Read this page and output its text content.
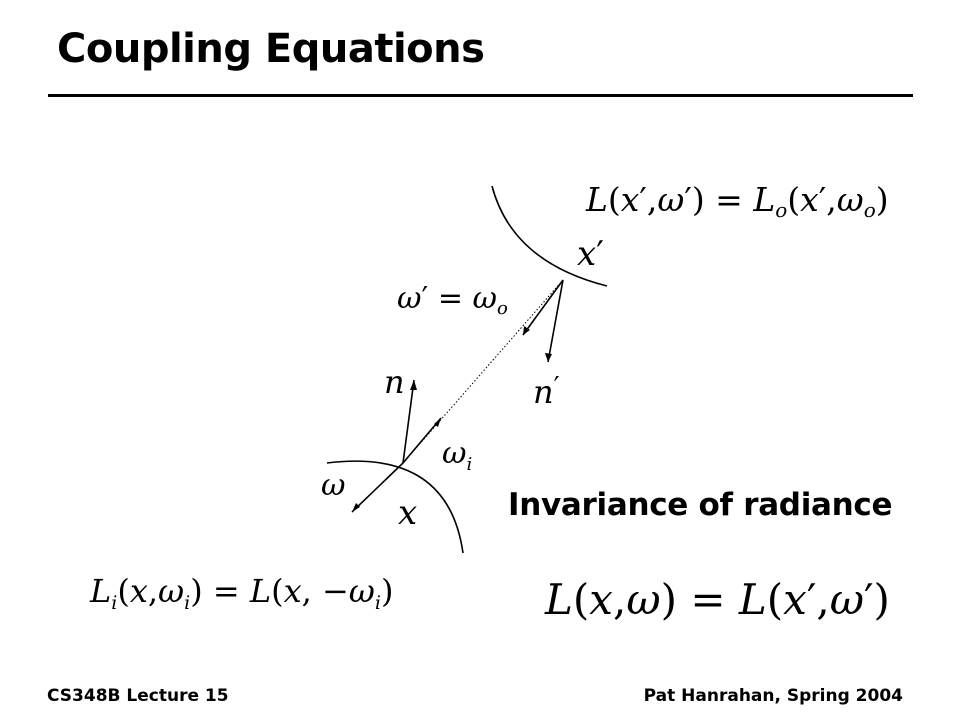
Coupling Equations
L(x′,ω′) = Lo(x′,ωo)
x′
$\omega' = \omega_o$
n	n′
$\omega_i$
ω
x
$L_i(x,\omega_i) = L(x$, $-\omega_i$)	L(x,ω) = L(x′,ω′)
Invariance of radiance
CS348B Lecture 15	Pat Hanrahan, Spring 2004
